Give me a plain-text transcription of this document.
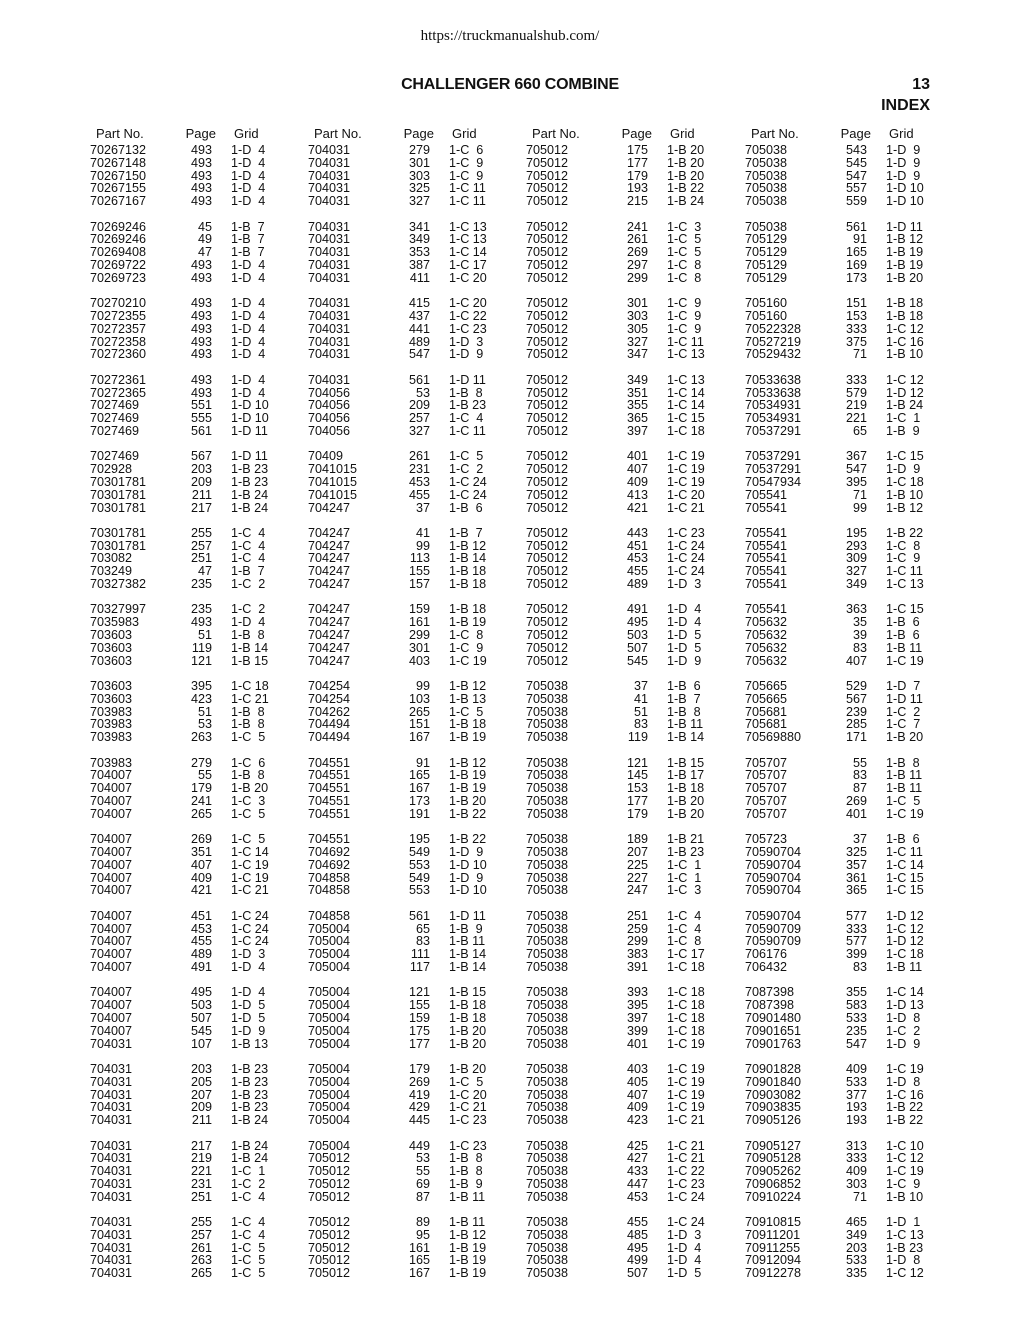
https://truckmanualshub.com/
CHALLENGER 660 COMBINE	13
INDEX
Part No.	Page	Grid
70267132	493	1-D  4
70267148	493	1-D  4
70267150	493	1-D  4
70267155	493	1-D  4
70267167	493	1-D  4
70269246	45	1-B  7
70269246	49	1-B  7
70269408	47	1-B  7
70269722	493	1-D  4
70269723	493	1-D  4
70270210	493	1-D  4
70272355	493	1-D  4
70272357	493	1-D  4
70272358	493	1-D  4
70272360	493	1-D  4
70272361	493	1-D  4
70272365	493	1-D  4
7027469	551	1-D 10
7027469	555	1-D 10
7027469	561	1-D 11
7027469	567	1-D 11
702928	203	1-B 23
70301781	209	1-B 23
70301781	211	1-B 24
70301781	217	1-B 24
70301781	255	1-C  4
70301781	257	1-C  4
703082	251	1-C  4
703249	47	1-B  7
70327382	235	1-C  2
70327997	235	1-C  2
7035983	493	1-D  4
703603	51	1-B  8
703603	119	1-B 14
703603	121	1-B 15
703603	395	1-C 18
703603	423	1-C 21
703983	51	1-B  8
703983	53	1-B  8
703983	263	1-C  5
703983	279	1-C  6
704007	55	1-B  8
704007	179	1-B 20
704007	241	1-C  3
704007	265	1-C  5
704007	269	1-C  5
704007	351	1-C 14
704007	407	1-C 19
704007	409	1-C 19
704007	421	1-C 21
704007	451	1-C 24
704007	453	1-C 24
704007	455	1-C 24
704007	489	1-D  3
704007	491	1-D  4
704007	495	1-D  4
704007	503	1-D  5
704007	507	1-D  5
704007	545	1-D  9
704031	107	1-B 13
704031	203	1-B 23
704031	205	1-B 23
704031	207	1-B 23
704031	209	1-B 23
704031	211	1-B 24
704031	217	1-B 24
704031	219	1-B 24
704031	221	1-C  1
704031	231	1-C  2
704031	251	1-C  4
704031	255	1-C  4
704031	257	1-C  4
704031	261	1-C  5
704031	263	1-C  5
704031	265	1-C  5
Part No.	Page	Grid
704031	279	1-C  6
704031	301	1-C  9
704031	303	1-C  9
704031	325	1-C 11
704031	327	1-C 11
704031	341	1-C 13
704031	349	1-C 13
704031	353	1-C 14
704031	387	1-C 17
704031	411	1-C 20
704031	415	1-C 20
704031	437	1-C 22
704031	441	1-C 23
704031	489	1-D  3
704031	547	1-D  9
704031	561	1-D 11
704056	53	1-B  8
704056	209	1-B 23
704056	257	1-C  4
704056	327	1-C 11
70409	261	1-C  5
7041015	231	1-C  2
7041015	453	1-C 24
7041015	455	1-C 24
704247	37	1-B  6
704247	41	1-B  7
704247	99	1-B 12
704247	113	1-B 14
704247	155	1-B 18
704247	157	1-B 18
704247	159	1-B 18
704247	161	1-B 19
704247	299	1-C  8
704247	301	1-C  9
704247	403	1-C 19
704254	99	1-B 12
704254	103	1-B 13
704262	265	1-C  5
704494	151	1-B 18
704494	167	1-B 19
704551	91	1-B 12
704551	165	1-B 19
704551	167	1-B 19
704551	173	1-B 20
704551	191	1-B 22
704551	195	1-B 22
704692	549	1-D  9
704692	553	1-D 10
704858	549	1-D  9
704858	553	1-D 10
704858	561	1-D 11
705004	65	1-B  9
705004	83	1-B 11
705004	111	1-B 14
705004	117	1-B 14
705004	121	1-B 15
705004	155	1-B 18
705004	159	1-B 18
705004	175	1-B 20
705004	177	1-B 20
705004	179	1-B 20
705004	269	1-C  5
705004	419	1-C 20
705004	429	1-C 21
705004	445	1-C 23
705004	449	1-C 23
705012	53	1-B  8
705012	55	1-B  8
705012	69	1-B  9
705012	87	1-B 11
705012	89	1-B 11
705012	95	1-B 12
705012	161	1-B 19
705012	165	1-B 19
705012	167	1-B 19
Part No.	Page	Grid
705012	175	1-B 20
705012	177	1-B 20
705012	179	1-B 20
705012	193	1-B 22
705012	215	1-B 24
705012	241	1-C  3
705012	261	1-C  5
705012	269	1-C  5
705012	297	1-C  8
705012	299	1-C  8
705012	301	1-C  9
705012	303	1-C  9
705012	305	1-C  9
705012	327	1-C 11
705012	347	1-C 13
705012	349	1-C 13
705012	351	1-C 14
705012	355	1-C 14
705012	365	1-C 15
705012	397	1-C 18
705012	401	1-C 19
705012	407	1-C 19
705012	409	1-C 19
705012	413	1-C 20
705012	421	1-C 21
705012	443	1-C 23
705012	451	1-C 24
705012	453	1-C 24
705012	455	1-C 24
705012	489	1-D  3
705012	491	1-D  4
705012	495	1-D  4
705012	503	1-D  5
705012	507	1-D  5
705012	545	1-D  9
705038	37	1-B  6
705038	41	1-B  7
705038	51	1-B  8
705038	83	1-B 11
705038	119	1-B 14
705038	121	1-B 15
705038	145	1-B 17
705038	153	1-B 18
705038	177	1-B 20
705038	179	1-B 20
705038	189	1-B 21
705038	207	1-B 23
705038	225	1-C  1
705038	227	1-C  1
705038	247	1-C  3
705038	251	1-C  4
705038	259	1-C  4
705038	299	1-C  8
705038	383	1-C 17
705038	391	1-C 18
705038	393	1-C 18
705038	395	1-C 18
705038	397	1-C 18
705038	399	1-C 18
705038	401	1-C 19
705038	403	1-C 19
705038	405	1-C 19
705038	407	1-C 19
705038	409	1-C 19
705038	423	1-C 21
705038	425	1-C 21
705038	427	1-C 21
705038	433	1-C 22
705038	447	1-C 23
705038	453	1-C 24
705038	455	1-C 24
705038	485	1-D  3
705038	495	1-D  4
705038	499	1-D  4
705038	507	1-D  5
Part No.	Page	Grid
705038	543	1-D  9
705038	545	1-D  9
705038	547	1-D  9
705038	557	1-D 10
705038	559	1-D 10
705038	561	1-D 11
705129	91	1-B 12
705129	165	1-B 19
705129	169	1-B 19
705129	173	1-B 20
705160	151	1-B 18
705160	153	1-B 18
70522328	333	1-C 12
70527219	375	1-C 16
70529432	71	1-B 10
70533638	333	1-C 12
70533638	579	1-D 12
70534931	219	1-B 24
70534931	221	1-C  1
70537291	65	1-B  9
70537291	367	1-C 15
70537291	547	1-D  9
70547934	395	1-C 18
705541	71	1-B 10
705541	99	1-B 12
705541	195	1-B 22
705541	293	1-C  8
705541	309	1-C  9
705541	327	1-C 11
705541	349	1-C 13
705541	363	1-C 15
705632	35	1-B  6
705632	39	1-B  6
705632	83	1-B 11
705632	407	1-C 19
705665	529	1-D  7
705665	567	1-D 11
705681	239	1-C  2
705681	285	1-C  7
70569880	171	1-B 20
705707	55	1-B  8
705707	83	1-B 11
705707	87	1-B 11
705707	269	1-C  5
705707	401	1-C 19
705723	37	1-B  6
70590704	325	1-C 11
70590704	357	1-C 14
70590704	361	1-C 15
70590704	365	1-C 15
70590704	577	1-D 12
70590709	333	1-C 12
70590709	577	1-D 12
706176	399	1-C 18
706432	83	1-B 11
7087398	355	1-C 14
7087398	583	1-D 13
70901480	533	1-D  8
70901651	235	1-C  2
70901763	547	1-D  9
70901828	409	1-C 19
70901840	533	1-D  8
70903082	377	1-C 16
70903835	193	1-B 22
70905126	193	1-B 22
70905127	313	1-C 10
70905128	333	1-C 12
70905262	409	1-C 19
70906852	303	1-C  9
70910224	71	1-B 10
70910815	465	1-D  1
70911201	349	1-C 13
70911255	203	1-B 23
70912094	533	1-D  8
70912278	335	1-C 12
